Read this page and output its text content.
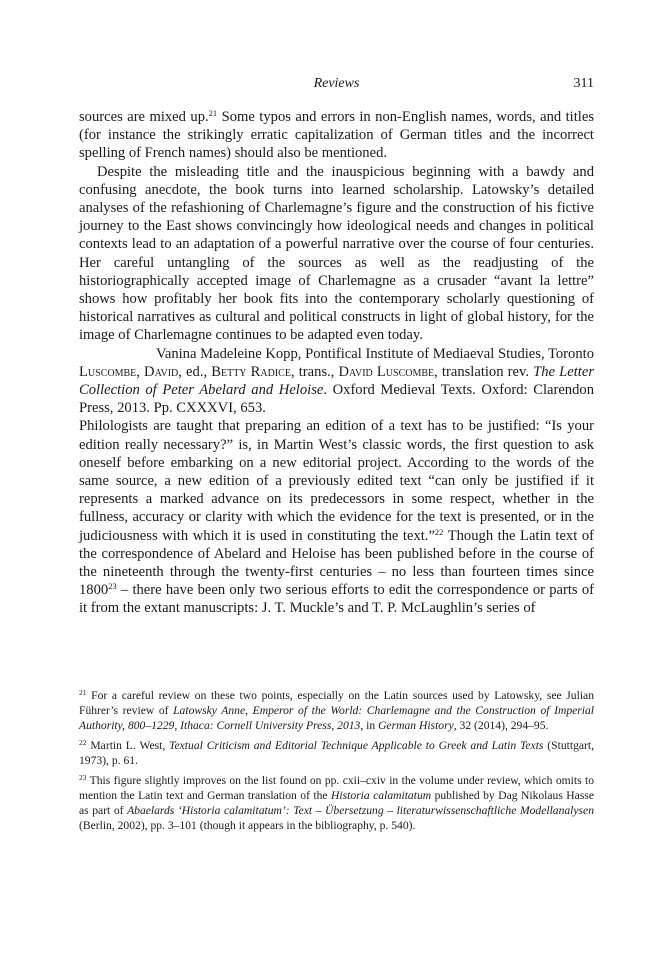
Reviews	311

sources are mixed up.$^{21}$ Some typos and errors in non-English names, words, and titles (for instance the strikingly erratic capitalization of German titles and the incorrect spelling of French names) should also be mentioned.

Despite the misleading title and the inauspicious beginning with a bawdy and confusing anecdote, the book turns into learned scholarship. Latowsky’s detailed analyses of the refashioning of Charlemagne’s figure and the construction of his fictive journey to the East shows convincingly how ideological needs and changes in political contexts lead to an adaptation of a powerful narrative over the course of four centuries. Her careful untangling of the sources as well as the readjusting of the historiographically accepted image of Charlemagne as a crusader “avant la lettre” shows how profitably her book fits into the contemporary scholarly questioning of historical narratives as cultural and political constructs in light of global history, for the image of Charlemagne continues to be adapted even today.

Vanina Madeleine Kopp, Pontifical Institute of Mediaeval Studies, Toronto

Luscombe, David, ed., Betty Radice, trans., David Luscombe, translation rev. The Letter Collection of Peter Abelard and Heloise. Oxford Medieval Texts. Oxford: Clarendon Press, 2013. Pp. CXXXVI, 653.

Philologists are taught that preparing an edition of a text has to be justified: “Is your edition really necessary?” is, in Martin West’s classic words, the first question to ask oneself before embarking on a new editorial project. According to the words of the same source, a new edition of a previously edited text “can only be justified if it represents a marked advance on its predecessors in some respect, whether in the fullness, accuracy or clarity with which the evidence for the text is presented, or in the judiciousness with which it is used in constituting the text.”$^{22}$ Though the Latin text of the correspondence of Abelard and Heloise has been published before in the course of the nineteenth through the twenty-first centuries – no less than fourteen times since 1800$^{23}$ – there have been only two serious efforts to edit the correspondence or parts of it from the extant manuscripts: J. T. Muckle’s and T. P. McLaughlin’s series of

$^{21}$ For a careful review on these two points, especially on the Latin sources used by Latowsky, see Julian Führer’s review of Latowsky Anne, Emperor of the World: Charlemagne and the Construction of Imperial Authority, 800–1229, Ithaca: Cornell University Press, 2013, in German History, 32 (2014), 294–95.

$^{22}$ Martin L. West, Textual Criticism and Editorial Technique Applicable to Greek and Latin Texts (Stuttgart, 1973), p. 61.

$^{23}$ This figure slightly improves on the list found on pp. cxii–cxiv in the volume under review, which omits to mention the Latin text and German translation of the Historia calamitatum published by Dag Nikolaus Hasse as part of Abaelards ‘Historia calamitatum’: Text – Übersetzung – literaturwissenschaftliche Modellanalysen (Berlin, 2002), pp. 3–101 (though it appears in the bibliography, p. 540).
